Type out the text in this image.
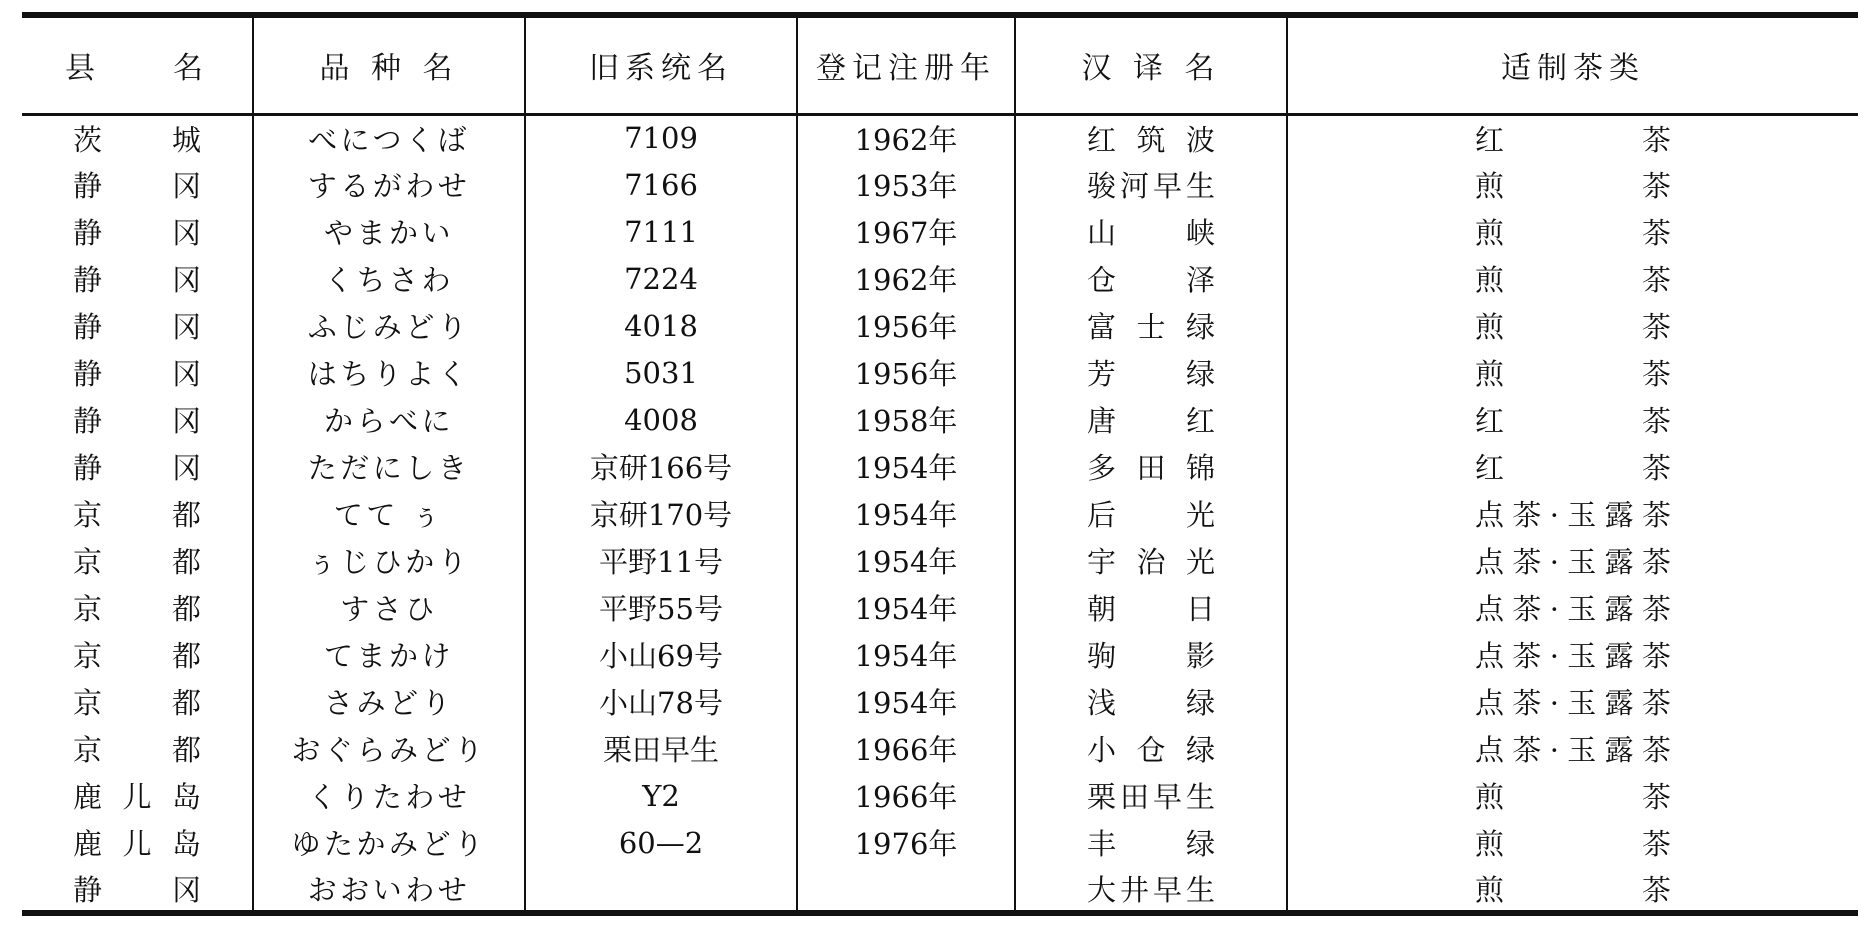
县　　名	品 种 名	旧系统名	登记注册年	汉 译 名	适制茶类
茨城	べにつくば	7109	1962年	红筑波	红茶
静冈	するがわせ	7166	1953年	骏河早生	煎茶
静冈	やまかい	7111	1967年	山峡	煎茶
静冈	くちさわ	7224	1962年	仓泽	煎茶
静冈	ふじみどり	4018	1956年	富士绿	煎茶
静冈	はちりよく	5031	1956年	芳绿	煎茶
静冈	からべに	4008	1958年	唐红	红茶
静冈	ただにしき	京研166号	1954年	多田锦	红茶
京都	てて ぅ	京研170号	1954年	后光	点茶·玉露茶
京都	ぅじひかり	平野11号	1954年	宇治光	点茶·玉露茶
京都	すさひ	平野55号	1954年	朝日	点茶·玉露茶
京都	てまかけ	小山69号	1954年	驹影	点茶·玉露茶
京都	さみどり	小山78号	1954年	浅绿	点茶·玉露茶
京都	おぐらみどり	栗田早生	1966年	小仓绿	点茶·玉露茶
鹿儿岛	くりたわせ	Y2	1966年	栗田早生	煎茶
鹿儿岛	ゆたかみどり	60—2	1976年	丰绿	煎茶
静冈	おおいわせ			大井早生	煎茶
